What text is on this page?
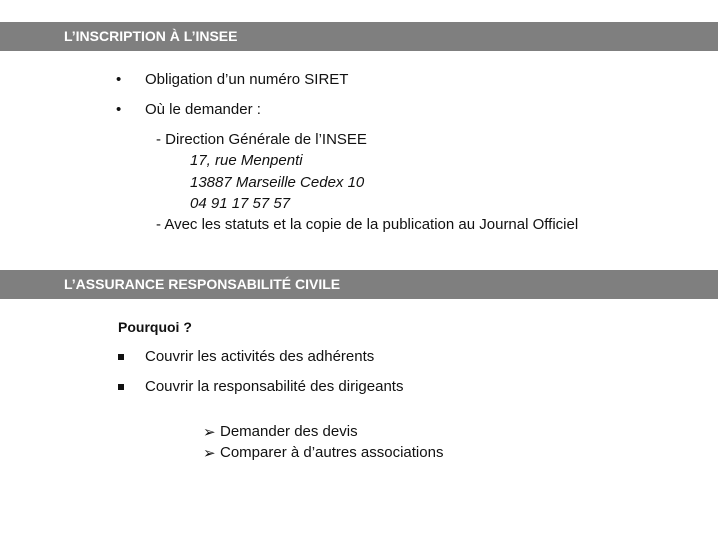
L’INSCRIPTION À L’INSEE
• Obligation d’un numéro SIRET
• Où le demander :
- Direction Générale de l’INSEE
17, rue Menpenti
13887 Marseille Cedex 10
04 91 17 57 57
- Avec les statuts et la copie de la publication au Journal Officiel
L’ASSURANCE RESPONSABILITÉ CIVILE
Pourquoi ?
Couvrir les activités des adhérents
Couvrir la responsabilité des dirigeants
➢ Demander des devis
➢ Comparer à d’autres associations
